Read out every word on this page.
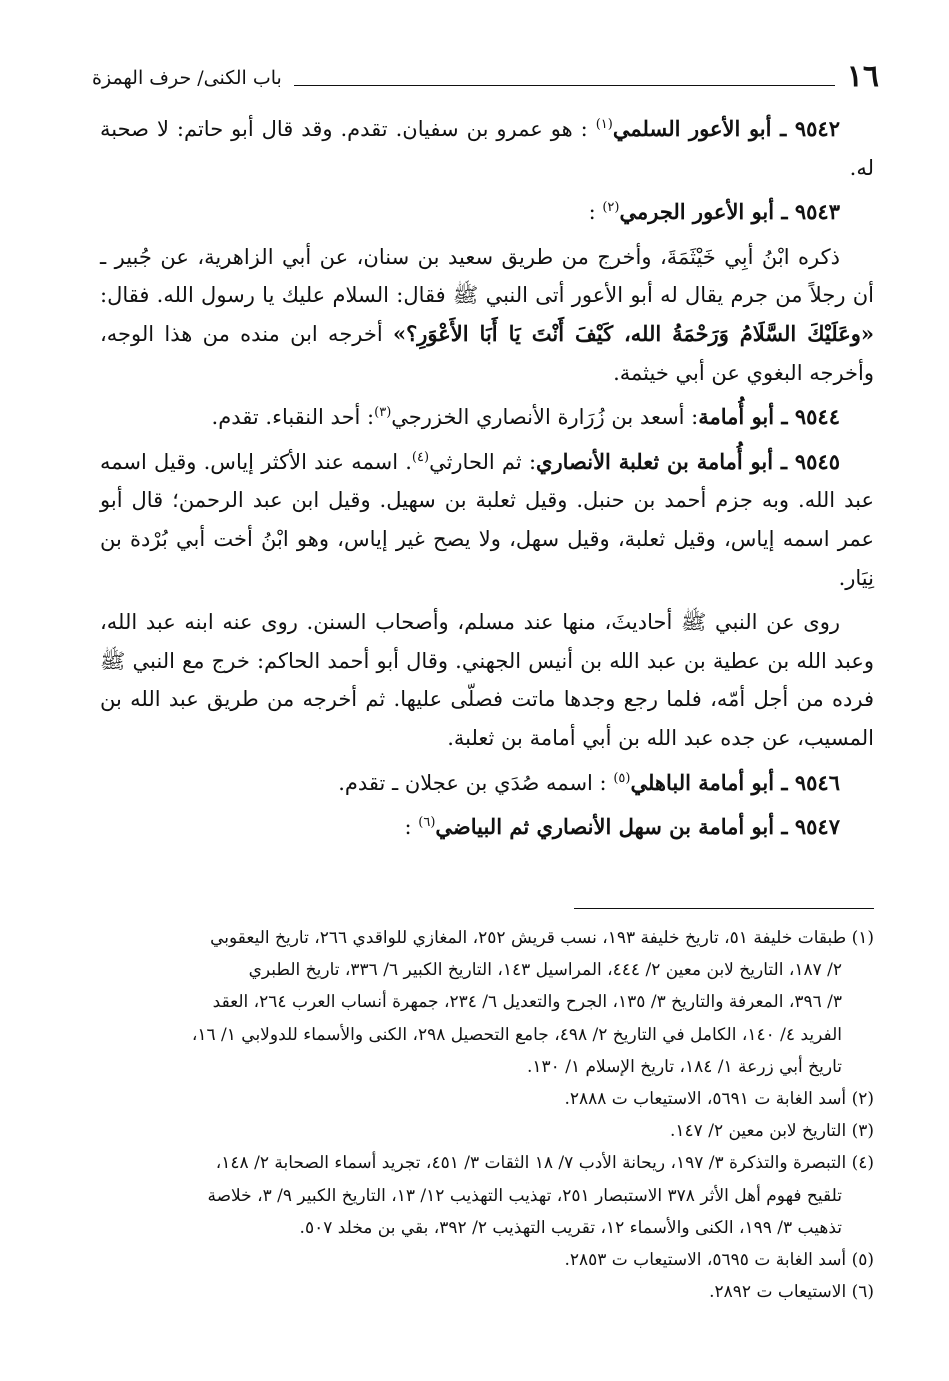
١٦
باب الكنى/ حرف الهمزة

٩٥٤٢ ـ أبو الأعور السلمي$^{(١)}$ : هو عمرو بن سفيان. تقدم. وقد قال أبو حاتم: لا صحبة له.

٩٥٤٣ ـ أبو الأعور الجرمي$^{(٢)}$ :

ذكره ابْنُ أبِي خَيْثَمَةَ، وأخرج من طريق سعيد بن سنان، عن أبي الزاهرية، عن جُبير ـ أن رجلاً من جرم يقال له أبو الأعور أتى النبي ﷺ فقال: السلام عليك يا رسول الله. فقال: «وعَلَيْكَ السَّلَامُ وَرَحْمَةُ الله، كَيْفَ أَنْتَ يَا أَبَا الأَعْوَرِ؟» أخرجه ابن منده من هذا الوجه، وأخرجه البغوي عن أبي خيثمة.

٩٥٤٤ ـ أبو أُمامة: أسعد بن زُرَارة الأنصاري الخزرجي$^{(٣)}$: أحد النقباء. تقدم.

٩٥٤٥ ـ أبو أُمامة بن ثعلبة الأنصاري: ثم الحارثي$^{(٤)}$. اسمه عند الأكثر إياس. وقيل اسمه عبد الله. وبه جزم أحمد بن حنبل. وقيل ثعلبة بن سهيل. وقيل ابن عبد الرحمن؛ قال أبو عمر اسمه إياس، وقيل ثعلبة، وقيل سهل، ولا يصح غير إياس، وهو ابْنُ أخت أبي بُرْدة بن نِيَار.

روى عن النبي ﷺ أحاديثَ، منها عند مسلم، وأصحاب السنن. روى عنه ابنه عبد الله، وعبد الله بن عطية بن عبد الله بن أنيس الجهني. وقال أبو أحمد الحاكم: خرج مع النبي ﷺ فرده من أجل أمّه، فلما رجع وجدها ماتت فصلّى عليها. ثم أخرجه من طريق عبد الله بن المسيب، عن جده عبد الله بن أبي أمامة بن ثعلبة.

٩٥٤٦ ـ أبو أمامة الباهلي$^{(٥)}$ : اسمه صُدَي بن عجلان ـ تقدم.

٩٥٤٧ ـ أبو أمامة بن سهل الأنصاري ثم البياضي$^{(٦)}$ :

(١) طبقات خليفة ٥١، تاريخ خليفة ١٩٣، نسب قريش ٢٥٢، المغازي للواقدي ٢٦٦، تاريخ اليعقوبي

٢/ ١٨٧، التاريخ لابن معين ٢/ ٤٤٤، المراسيل ١٤٣، التاريخ الكبير ٦/ ٣٣٦، تاريخ الطبري

٣/ ٣٩٦، المعرفة والتاريخ ٣/ ١٣٥، الجرح والتعديل ٦/ ٢٣٤، جمهرة أنساب العرب ٢٦٤، العقد

الفريد ٤/ ١٤٠، الكامل في التاريخ ٢/ ٤٩٨، جامع التحصيل ٢٩٨، الكنى والأسماء للدولابي ١/ ١٦،

تاريخ أبي زرعة ١/ ١٨٤، تاريخ الإسلام ١/ ١٣٠.

(٢) أسد الغابة ت ٥٦٩١، الاستيعاب ت ٢٨٨٨.

(٣) التاريخ لابن معين ٢/ ١٤٧.

(٤) التبصرة والتذكرة ٣/ ١٩٧، ريحانة الأدب ٧/ ١٨ الثقات ٣/ ٤٥١، تجريد أسماء الصحابة ٢/ ١٤٨،

تلقيح فهوم أهل الأثر ٣٧٨ الاستبصار ٢٥١، تهذيب التهذيب ١٢/ ١٣، التاريخ الكبير ٩/ ٣، خلاصة

تذهيب ٣/ ١٩٩، الكنى والأسماء ١٢، تقريب التهذيب ٢/ ٣٩٢، بقي بن مخلد ٥٠٧.

(٥) أسد الغابة ت ٥٦٩٥، الاستيعاب ت ٢٨٥٣.

(٦) الاستيعاب ت ٢٨٩٢.
